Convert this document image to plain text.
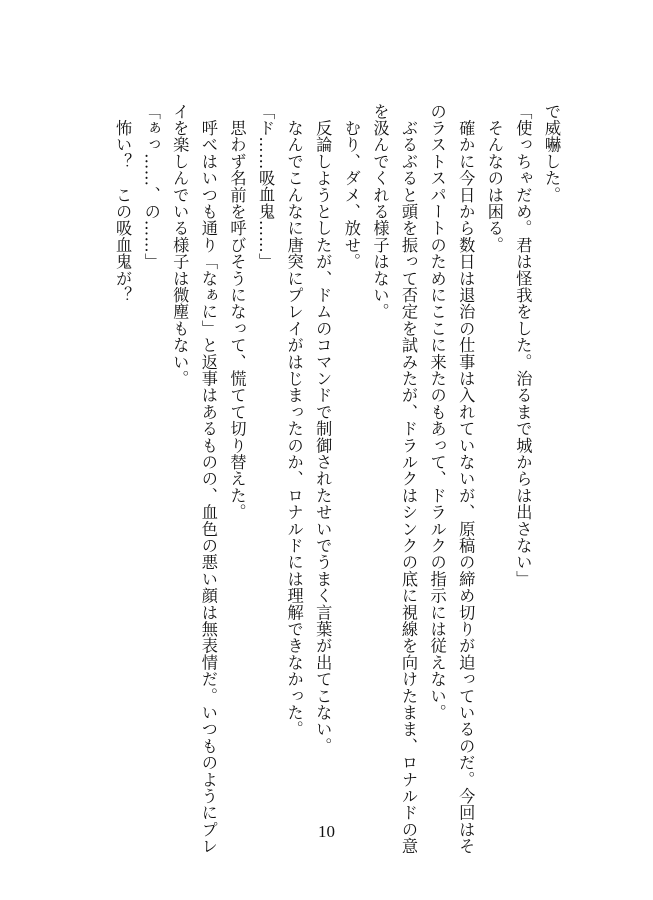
で威嚇した。
「使っちゃだめ。君は怪我をした。治るまで城からは出さない」
　そんなのは困る。
　確かに今日から数日は退治の仕事は入れていないが、原稿の締め切りが迫っているのだ。今回はそ
のラストスパートのためにここに来たのもあって、ドラルクの指示には従えない。
　ぶるぶると頭を振って否定を試みたが、ドラルクはシンクの底に視線を向けたまま、ロナルドの意
を汲んでくれる様子はない。
　むり、ダメ、放せ。
　反論しようとしたが、ドムのコマンドで制御されたせいでうまく言葉が出てこない。
　なんでこんなに唐突にプレイがはじまったのか、ロナルドには理解できなかった。
「ド……吸血鬼……」
　思わず名前を呼びそうになって、慌てて切り替えた。
　呼べはいつも通り「なぁに」と返事はあるものの、血色の悪い顔は無表情だ。いつものようにプレ
イを楽しんでいる様子は微塵もない。
「ぁっ……、の……」
　怖い？　この吸血鬼が？
10
